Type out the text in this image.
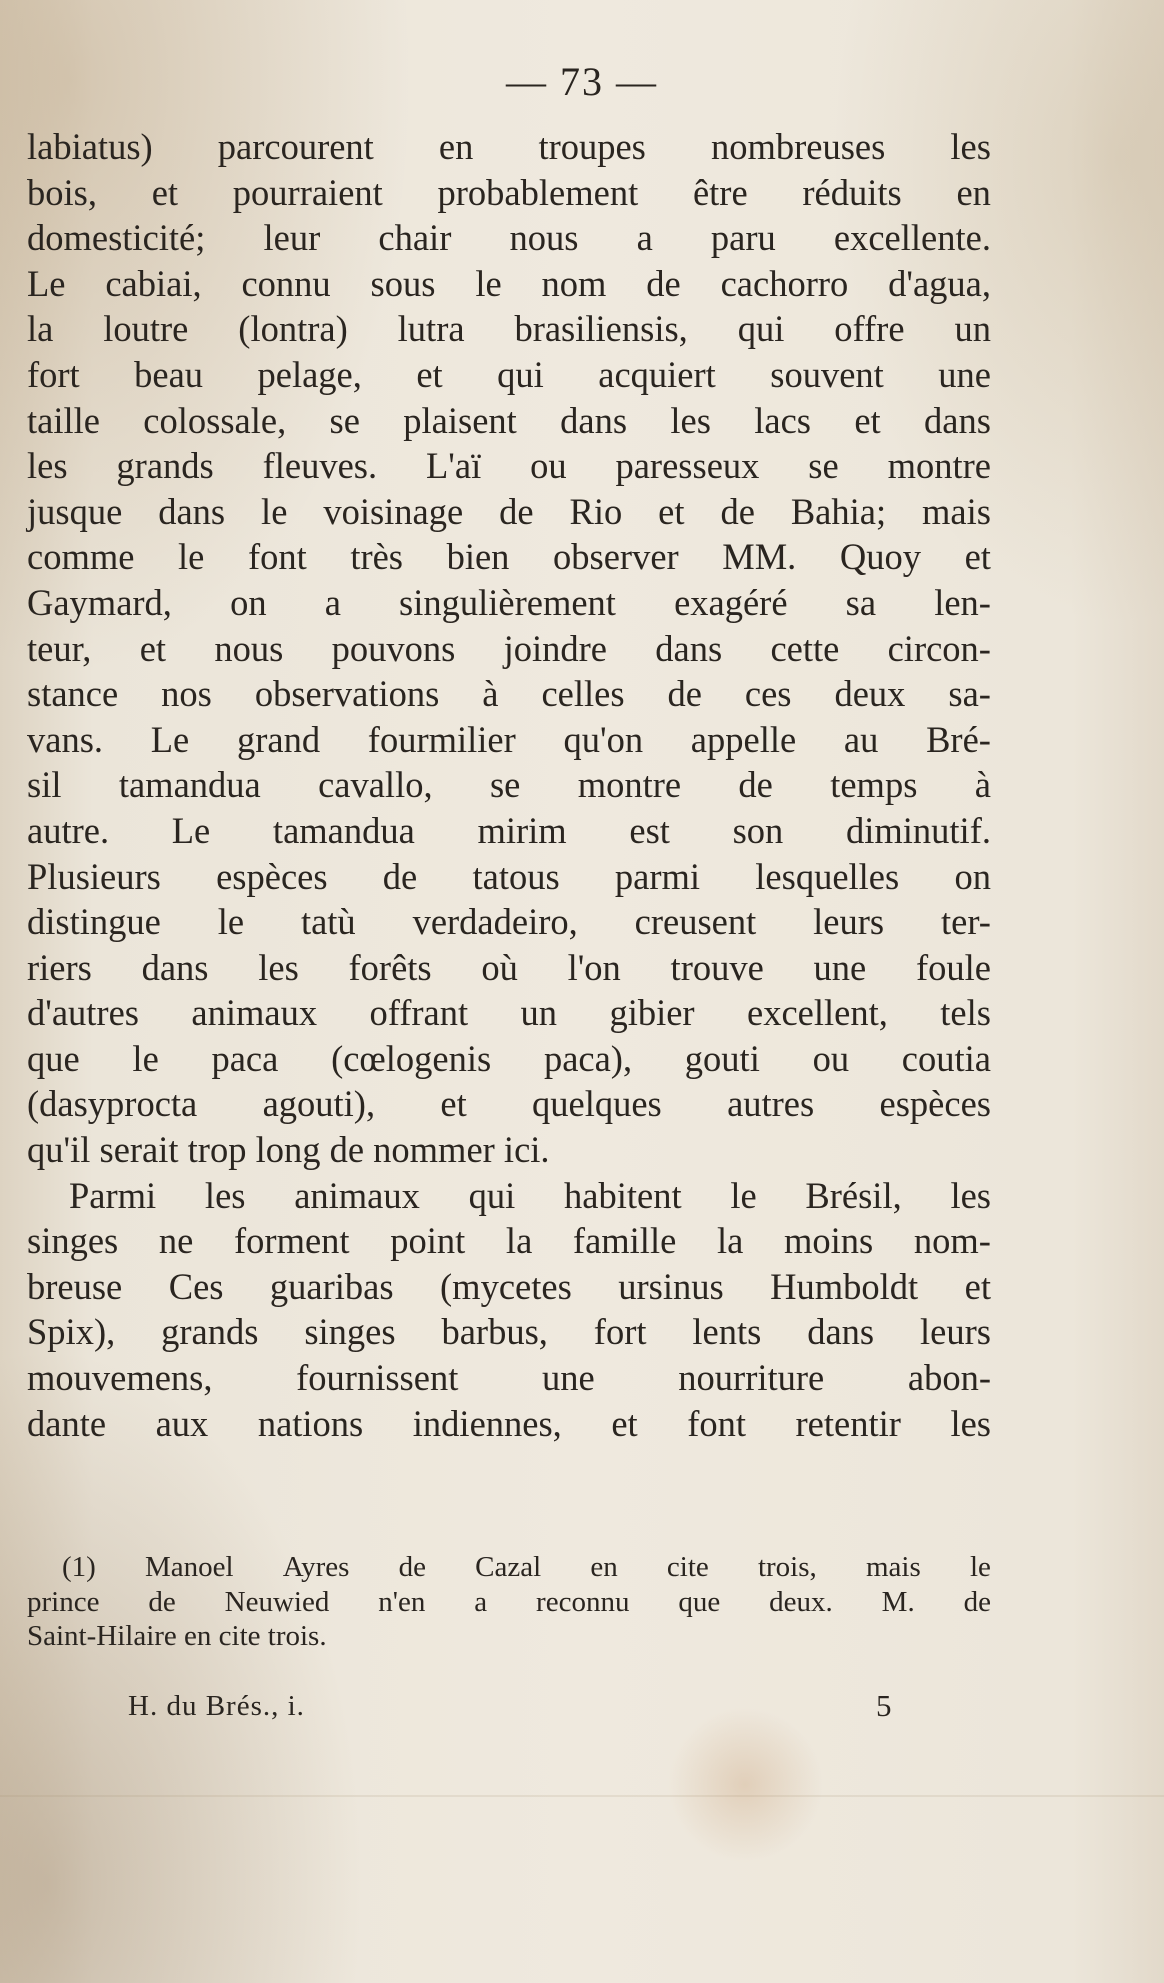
— 73 —
labiatus) parcourent en troupes nombreuses les
bois, et pourraient probablement être réduits en
domesticité; leur chair nous a paru excellente.
Le cabiai, connu sous le nom de cachorro d'agua,
la loutre (lontra) lutra brasiliensis, qui offre un
fort beau pelage, et qui acquiert souvent une
taille colossale, se plaisent dans les lacs et dans
les grands fleuves. L'aï ou paresseux se montre
jusque dans le voisinage de Rio et de Bahia; mais
comme le font très bien observer MM. Quoy et
Gaymard, on a singulièrement exagéré sa len-
teur, et nous pouvons joindre dans cette circon-
stance nos observations à celles de ces deux sa-
vans. Le grand fourmilier qu'on appelle au Bré-
sil tamandua cavallo, se montre de temps à
autre. Le tamandua mirim est son diminutif.
Plusieurs espèces de tatous parmi lesquelles on
distingue le tatù verdadeiro, creusent leurs ter-
riers dans les forêts où l'on trouve une foule
d'autres animaux offrant un gibier excellent, tels
que le paca (cœlogenis paca), gouti ou coutia
(dasyprocta agouti), et quelques autres espèces
qu'il serait trop long de nommer ici.
Parmi les animaux qui habitent le Brésil, les
singes ne forment point la famille la moins nom-
breuse Ces guaribas (mycetes ursinus Humboldt et
Spix), grands singes barbus, fort lents dans leurs
mouvemens, fournissent une nourriture abon-
dante aux nations indiennes, et font retentir les
(1) Manoel Ayres de Cazal en cite trois, mais le
prince de Neuwied n'en a reconnu que deux. M. de
Saint-Hilaire en cite trois.
H. du Brés., i.	5
